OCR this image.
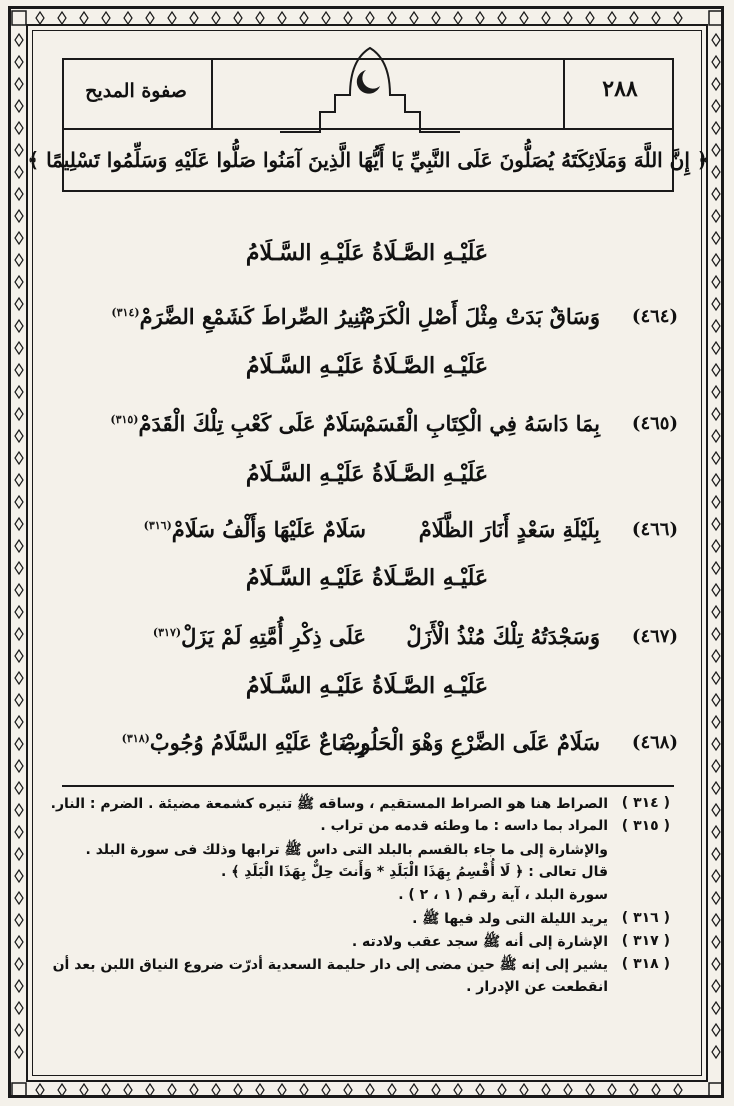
٢٨٨
صفوة المديح
﴿ إِنَّ اللَّهَ وَمَلَائِكَتَهُ يُصَلُّونَ عَلَى النَّبِيِّ يَا أَيُّهَا الَّذِينَ آمَنُوا صَلُّوا عَلَيْهِ وَسَلِّمُوا تَسْلِيمًا ﴾
عَلَيْـهِ الصَّـلَاةُ عَلَيْـهِ السَّـلَامُ
(٤٦٤)
وَسَاقٌ بَدَتْ مِثْلَ أَصْلِ الْكَرَمْ
تُنِيرُ الصِّراطَ كَشَمْعِ الضَّرَمْ$^{(٣١٤)}$
عَلَيْـهِ الصَّـلَاةُ عَلَيْـهِ السَّـلَامُ
(٤٦٥)
بِمَا دَاسَهُ فِي الْكِتَابِ الْقَسَمْ
سَلَامٌ عَلَى كَعْبِ تِلْكَ الْقَدَمْ$^{(٣١٥)}$
عَلَيْـهِ الصَّـلَاةُ عَلَيْـهِ السَّـلَامُ
(٤٦٦)
بِلَيْلَةِ سَعْدٍ أَنَارَ الظَّلَامْ
سَلَامٌ عَلَيْهَا وَأَلْفُ سَلَامْ$^{(٣١٦)}$
عَلَيْـهِ الصَّـلَاةُ عَلَيْـهِ السَّـلَامُ
(٤٦٧)
وَسَجْدَتُهُ تِلْكَ مُنْذُ الْأَزَلْ
عَلَى ذِكْرِ أُمَّتِهِ لَمْ يَزَلْ$^{(٣١٧)}$
عَلَيْـهِ الصَّـلَاةُ عَلَيْـهِ السَّـلَامُ
(٤٦٨)
سَلَامٌ عَلَى الضَّرْعِ وَهْوَ الْحَلُوبْ
رِضَاعٌ عَلَيْهِ السَّلَامُ وُجُوبْ$^{(٣١٨)}$
( ٣١٤ )
الصراط هنا هو الصراط المستقيم ، وساقه ﷺ تنيره كشمعة مضيئة . الضرم : النار.
( ٣١٥ )
المراد بما داسه : ما وطئه قدمه من تراب .
والإشارة إلى ما جاء بالقسم بالبلد التى داس ﷺ ترابها وذلك فى سورة البلد .
قال تعالى : ﴿ لَا أُقْسِمُ بِهَذَا الْبَلَدِ * وَأَنتَ حِلٌّ بِهَذَا الْبَلَدِ ﴾ .
سورة البلد ، آية رقم ( ١ ، ٢ ) .
( ٣١٦ )
يريد الليلة التى ولد فيها ﷺ .
( ٣١٧ )
الإشارة إلى أنه ﷺ سجد عقب ولادته .
( ٣١٨ )
يشير إلى إنه ﷺ حين مضى إلى دار حليمة السعدية أدرّت ضروع النياق اللبن بعد أن
انقطعت عن الإدرار .
